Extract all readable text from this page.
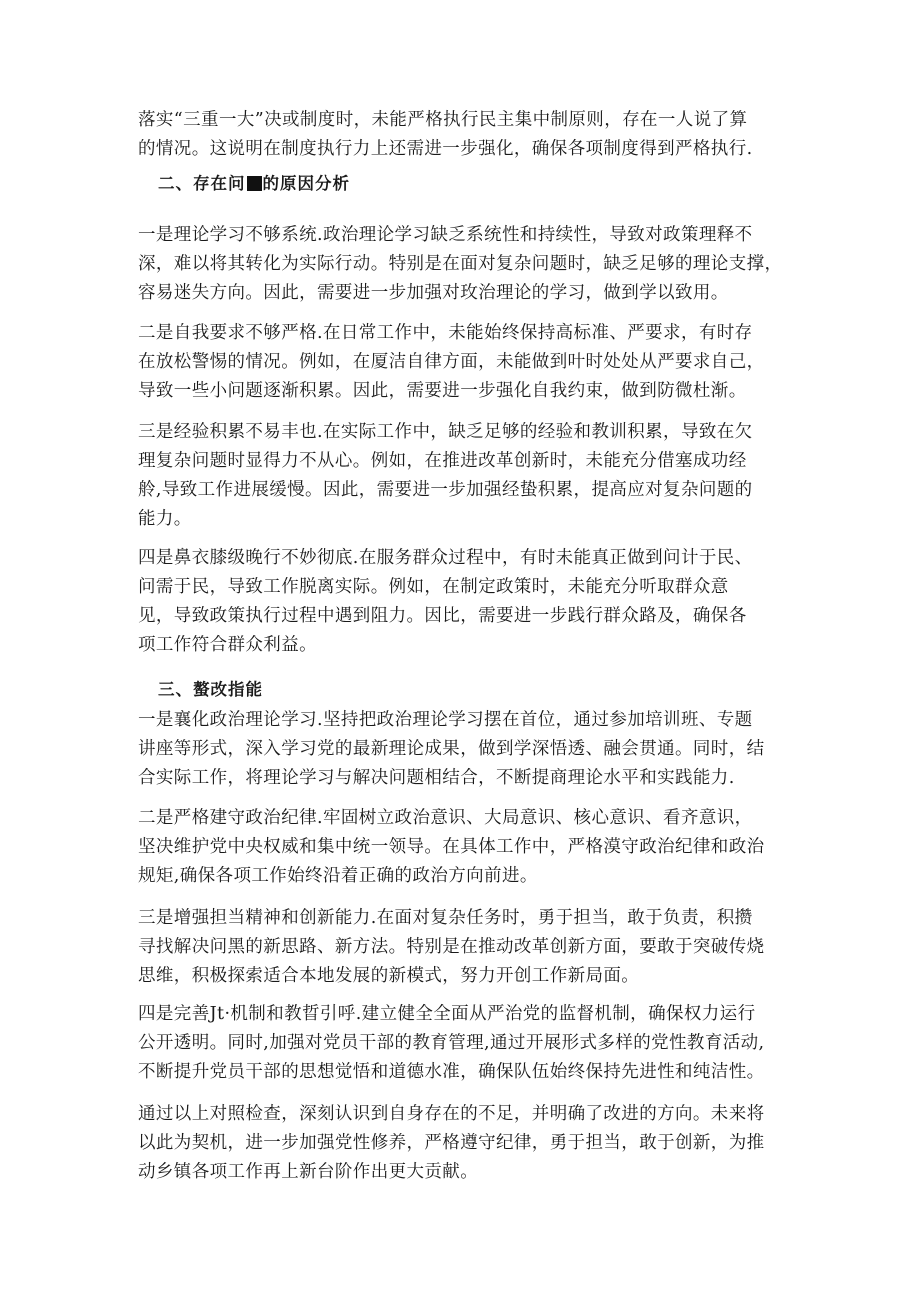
落实“三重一大”决或制度时，未能严格执行民主集中制原则，存在一人说了算
的情况。这说明在制度执行力上还需进一步强化，确保各项制度得到严格执行.

二、存在问 的原因分析

一是理论学习不够系统.政治理论学习缺乏系统性和持续性，导致对政策理释不
深，难以将其转化为实际行动。特别是在面对复杂问题时，缺乏足够的理论支撑，
容易迷失方向。因此，需要进一步加强对玫治理论的学习，做到学以致用。

二是自我要求不够严格.在日常工作中，未能始终保持高标准、严要求，有时存
在放松警惕的情况。例如，在厦洁自律方面，未能做到叶时处处从严要求自己，
导致一些小问题逐渐积累。因此，需要进一步强化自我约束，做到防微杜渐。

三是经验积累不易丰也.在实际工作中，缺乏足够的经验和教训积累，导致在欠
理复杂问题时显得力不从心。例如，在推进改革创新时，未能充分借塞成功经
舲,导致工作进展缓慢。因此，需要进一步加强经蛰积累，提高应对复杂问题的
能力。

四是鼻衣膝级晚行不妙彻底.在服务群众过程中，有时未能真正做到问计于民、
问需于民，导致工作脱离实际。例如，在制定政策时，未能充分听取群众意
见，导致政策执行过程中遇到阻力。因比，需要进一步践行群众路及，确保各
项工作符合群众利益。

三、螯改指能

一是襄化政治理论学习.坚持把政治理论学习摆在首位，通过参加培训班、专题
讲座等形式，深入学习党的最新理论成果，做到学深悟透、融会贯通。同时，结
合实际工作，将理论学习与解决问题相结合，不断提商理论水平和实践能力.

二是严格建守政治纪律.牢固树立政治意识、大局意识、核心意识、看齐意识，
坚决维护党中央权威和集中统一领导。在具体工作中，严格漠守政治纪律和政治
规矩,确保各项工作始终沿着正确的政治方向前进。

三是增强担当精神和创新能力.在面对复杂任务时，勇于担当，敢于负责，积攒
寻找解决问黑的新思路、新方法。特别是在推动改革创新方面，要敢于突破传烧
思维，积极探索适合本地发展的新模式，努力开创工作新局面。

四是完善Jt·机制和教晢引呼.建立健全全面从严治党的监督机制，确保权力运行
公开透明。同时,加强对党员干部的教育管理,通过开展形式多样的党性教育活动,
不断提升党员干部的思想觉悟和道德水准，确保队伍始终保持先进性和纯洁性。

通过以上对照检查，深刻认识到自身存在的不足，并明确了改进的方向。未来将
以此为契机，进一步加强党性修养，严格遵守纪律，勇于担当，敢于创新，为推
动乡镇各项工作再上新台阶作出更大贡献。
